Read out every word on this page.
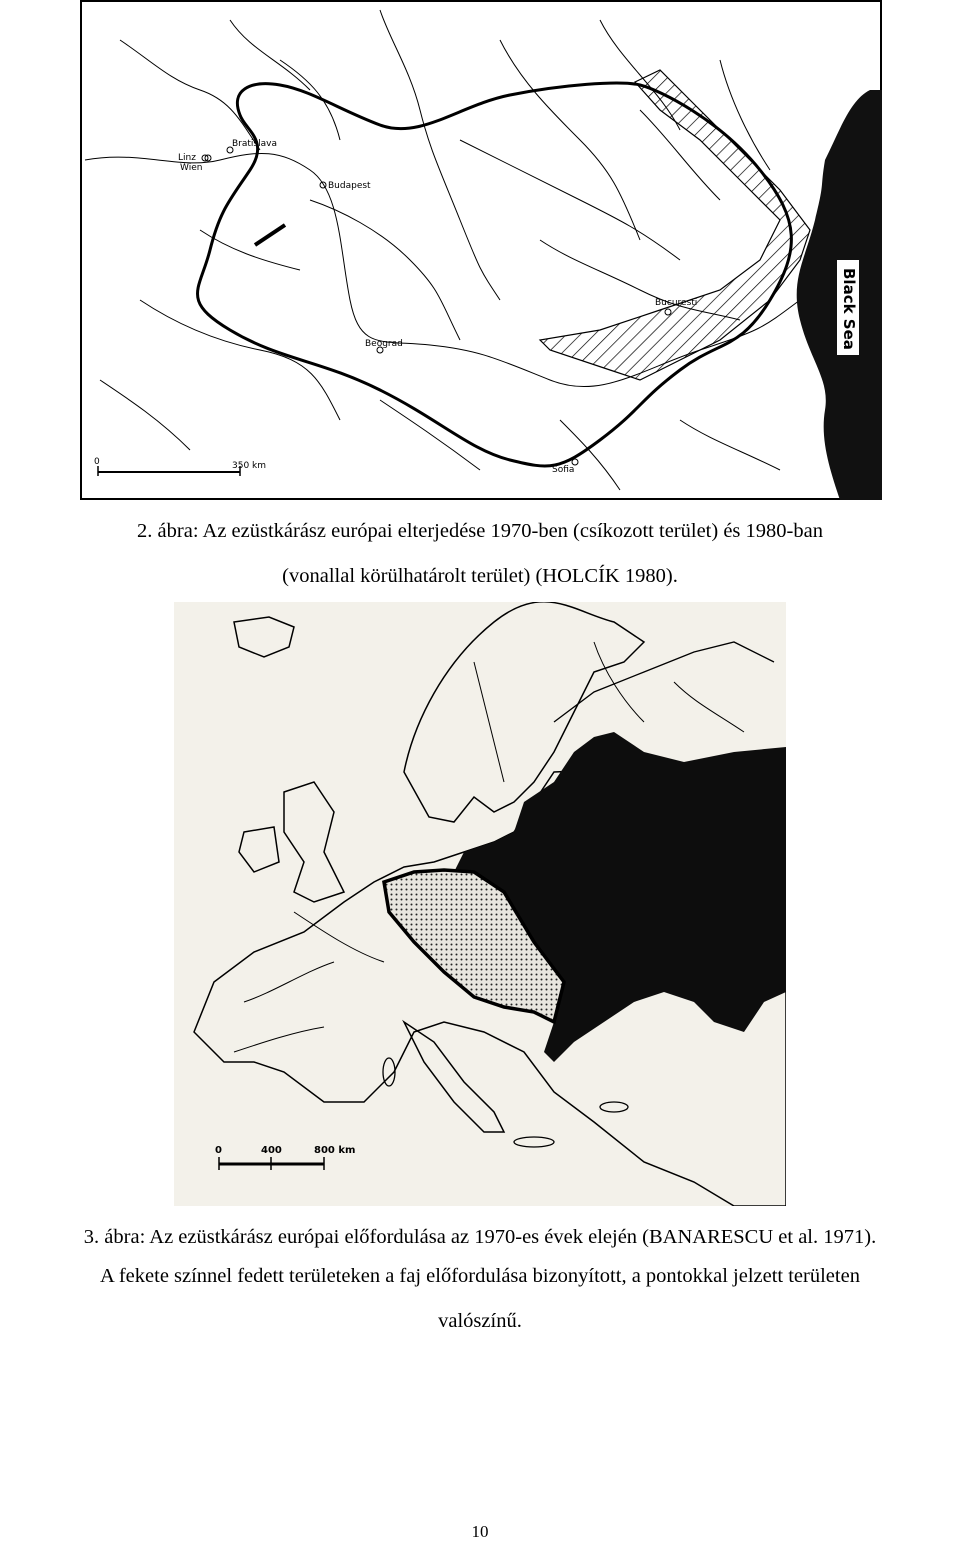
Black Sea
Linz
Wien
Bratislava
Budapest
Beograd
Bucuresti
Sofia
0	350 km
2. ábra: Az ezüstkárász európai elterjedése 1970-ben (csíkozott terület) és 1980-ban
(vonallal körülhatárolt terület) (HOLCÍK 1980).
0	400	800 km
3. ábra: Az ezüstkárász európai előfordulása az 1970-es évek elején (BANARESCU et al. 1971).
A fekete színnel fedett területeken a faj előfordulása bizonyított, a pontokkal jelzett területen
valószínű.
10
